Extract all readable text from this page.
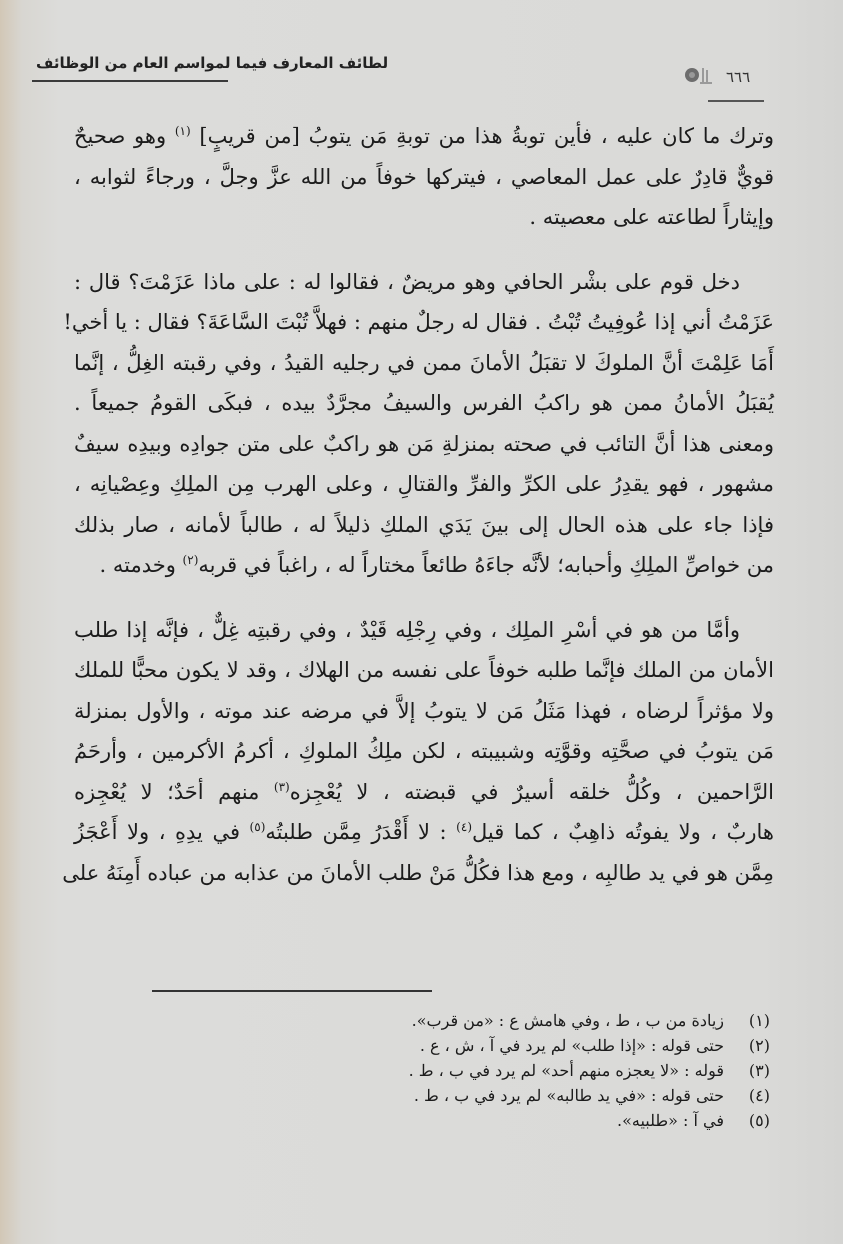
لطائف المعارف فيما لمواسم العام من الوظائف
٦٦٦
وترك ما كان عليه ، فأين توبةُ هذا من توبةِ مَن يتوبُ [من قريبٍ] $^{(١)}$ وهو صحيحٌ
قويٌّ قادِرٌ على عمل المعاصي ، فيتركها خوفاً من الله عزَّ وجلَّ ، ورجاءً لثوابه ،
وإيثاراً لطاعته على معصيته .
دخل قوم على بشْر الحافي وهو مريضٌ ، فقالوا له : على ماذا عَزَمْتَ؟ قال :
عَزَمْتُ أني إذا عُوفِيتُ تُبْتُ . فقال له رجلٌ منهم : فهلاَّ تُبْتَ السَّاعَةَ؟ فقال : يا أخي!
أَمَا عَلِمْتَ أنَّ الملوكَ لا تقبَلُ الأمانَ ممن في رجليه القيدُ ، وفي رقبته الغِلُّ ، إنَّما
يُقبَلُ الأمانُ ممن هو راكبُ الفرس والسيفُ مجرَّدٌ بيده ، فبكَى القومُ جميعاً .
ومعنى هذا أنَّ التائب في صحته بمنزلةِ مَن هو راكبٌ على متن جوادِه وبيدِه سيفٌ
مشهور ، فهو يقدِرُ على الكرِّ والفرِّ والقتالِ ، وعلى الهرب مِن الملِكِ وعِصْيانِه ،
فإذا جاء على هذه الحال إلى بينَ يَدَي الملكِ ذليلاً له ، طالباً لأمانه ، صار بذلك
من خواصِّ الملِكِ وأحبابه؛ لأنَّه جاءَهُ طائعاً مختاراً له ، راغباً في قربه$^{(٢)}$ وخدمته .
وأمَّا من هو في أسْرِ الملِك ، وفي رِجْلِه قَيْدٌ ، وفي رقبتِه غِلٌّ ، فإنَّه إذا طلب
الأمان من الملك فإنَّما طلبه خوفاً على نفسه من الهلاك ، وقد لا يكون محبًّا للملك
ولا مؤثراً لرضاه ، فهذا مَثَلُ مَن لا يتوبُ إلاَّ في مرضه عند موته ، والأول بمنزلة
مَن يتوبُ في صحَّتِه وقوَّتِه وشبيبته ، لكن ملِكُ الملوكِ ، أكرمُ الأكرمين ، وأرحَمُ
الرَّاحمين ، وكُلُّ خلقه أسيرٌ في قبضته ، لا يُعْجِزه$^{(٣)}$ منهم أحَدٌ؛ لا يُعْجِزه
هاربٌ ، ولا يفوتُه ذاهِبٌ ، كما قيل$^{(٤)}$ : لا أَقْدَرُ مِمَّن طلبتُه$^{(٥)}$ في يدِهِ ، ولا أَعْجَزُ
مِمَّن هو في يد طالبِه ، ومع هذا فكُلُّ مَنْ طلب الأمانَ من عذابه من عباده أَمِنَهُ على
(١)
زيادة من ب ، ط ، وفي هامش ع : «من قرب».
(٢)
حتى قوله : «إذا طلب» لم يرد في آ ، ش ، ع .
(٣)
قوله : «لا يعجزه منهم أحد» لم يرد في ب ، ط .
(٤)
حتى قوله : «في يد طالبه» لم يرد في ب ، ط .
(٥)
في آ : «طلبيه».
